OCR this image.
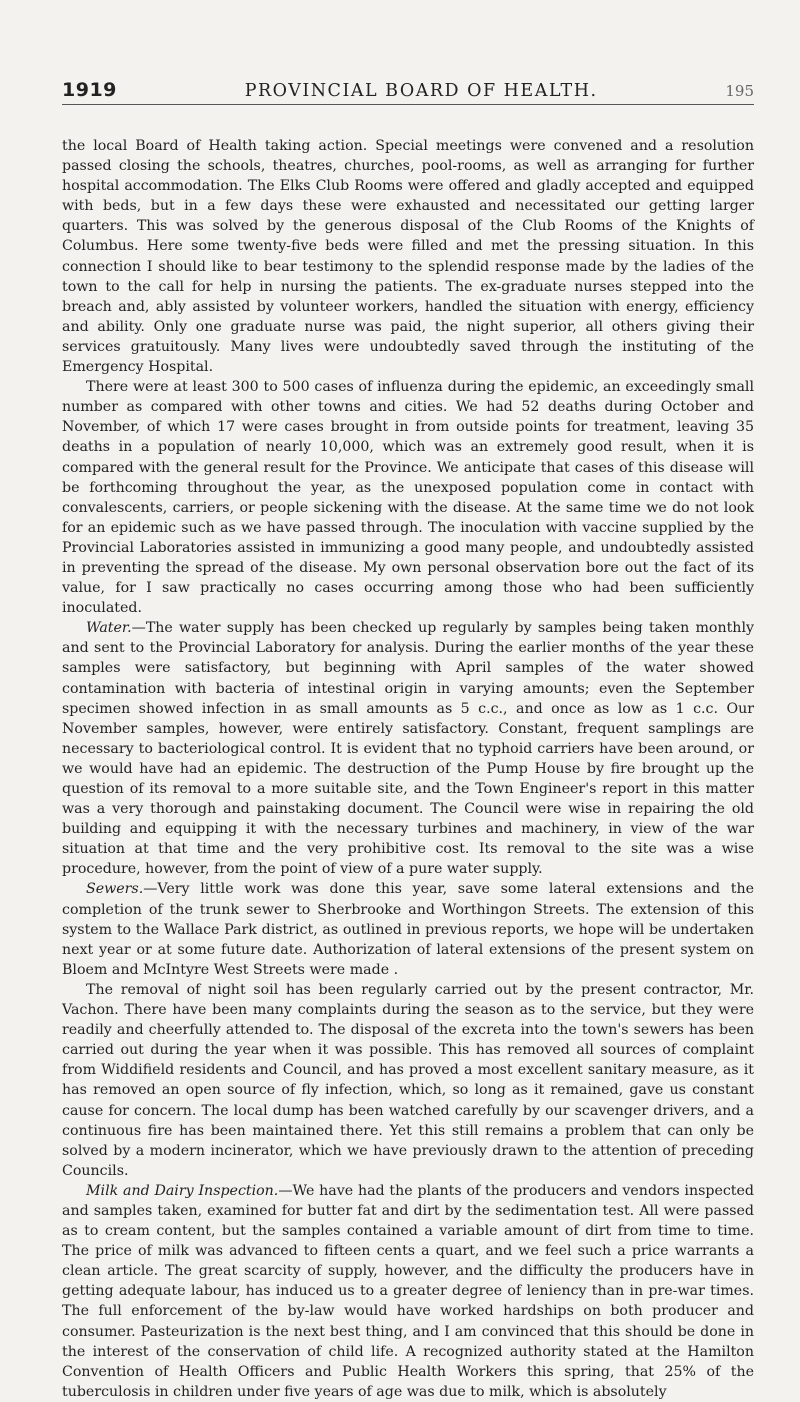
1919	PROVINCIAL BOARD OF HEALTH.	195

the local Board of Health taking action. Special meetings were convened and a resolution passed closing the schools, theatres, churches, pool-rooms, as well as arranging for further hospital accommodation. The Elks Club Rooms were offered and gladly accepted and equipped with beds, but in a few days these were exhausted and necessitated our getting larger quarters. This was solved by the generous disposal of the Club Rooms of the Knights of Columbus. Here some twenty-five beds were filled and met the pressing situation. In this connection I should like to bear testimony to the splendid response made by the ladies of the town to the call for help in nursing the patients. The ex-graduate nurses stepped into the breach and, ably assisted by volunteer workers, handled the situation with energy, efficiency and ability. Only one graduate nurse was paid, the night superior, all others giving their services gratuitously. Many lives were undoubtedly saved through the instituting of the Emergency Hospital.

There were at least 300 to 500 cases of influenza during the epidemic, an exceedingly small number as compared with other towns and cities. We had 52 deaths during October and November, of which 17 were cases brought in from outside points for treatment, leaving 35 deaths in a population of nearly 10,000, which was an extremely good result, when it is compared with the general result for the Province. We anticipate that cases of this disease will be forthcoming throughout the year, as the unexposed population come in contact with convalescents, carriers, or people sickening with the disease. At the same time we do not look for an epidemic such as we have passed through. The inoculation with vaccine supplied by the Provincial Laboratories assisted in immunizing a good many people, and undoubtedly assisted in preventing the spread of the disease. My own personal observation bore out the fact of its value, for I saw practically no cases occurring among those who had been sufficiently inoculated.

Water.—The water supply has been checked up regularly by samples being taken monthly and sent to the Provincial Laboratory for analysis. During the earlier months of the year these samples were satisfactory, but beginning with April samples of the water showed contamination with bacteria of intestinal origin in varying amounts; even the September specimen showed infection in as small amounts as 5 c.c., and once as low as 1 c.c. Our November samples, however, were entirely satisfactory. Constant, frequent samplings are necessary to bacteriological control. It is evident that no typhoid carriers have been around, or we would have had an epidemic. The destruction of the Pump House by fire brought up the question of its removal to a more suitable site, and the Town Engineer's report in this matter was a very thorough and painstaking document. The Council were wise in repairing the old building and equipping it with the necessary turbines and machinery, in view of the war situation at that time and the very prohibitive cost. Its removal to the site was a wise procedure, however, from the point of view of a pure water supply.

Sewers.—Very little work was done this year, save some lateral extensions and the completion of the trunk sewer to Sherbrooke and Worthingon Streets. The extension of this system to the Wallace Park district, as outlined in previous reports, we hope will be undertaken next year or at some future date. Authorization of lateral extensions of the present system on Bloem and McIntyre West Streets were made .

The removal of night soil has been regularly carried out by the present contractor, Mr. Vachon. There have been many complaints during the season as to the service, but they were readily and cheerfully attended to. The disposal of the excreta into the town's sewers has been carried out during the year when it was possible. This has removed all sources of complaint from Widdifield residents and Council, and has proved a most excellent sanitary measure, as it has removed an open source of fly infection, which, so long as it remained, gave us constant cause for concern. The local dump has been watched carefully by our scavenger drivers, and a continuous fire has been maintained there. Yet this still remains a problem that can only be solved by a modern incinerator, which we have previously drawn to the attention of preceding Councils.

Milk and Dairy Inspection.—We have had the plants of the producers and vendors inspected and samples taken, examined for butter fat and dirt by the sedimentation test. All were passed as to cream content, but the samples contained a variable amount of dirt from time to time. The price of milk was advanced to fifteen cents a quart, and we feel such a price warrants a clean article. The great scarcity of supply, however, and the difficulty the producers have in getting adequate labour, has induced us to a greater degree of leniency than in pre-war times. The full enforcement of the by-law would have worked hardships on both producer and consumer. Pasteurization is the next best thing, and I am convinced that this should be done in the interest of the conservation of child life. A recognized authority stated at the Hamilton Convention of Health Officers and Public Health Workers this spring, that 25% of the tuberculosis in children under five years of age was due to milk, which is absolutely
